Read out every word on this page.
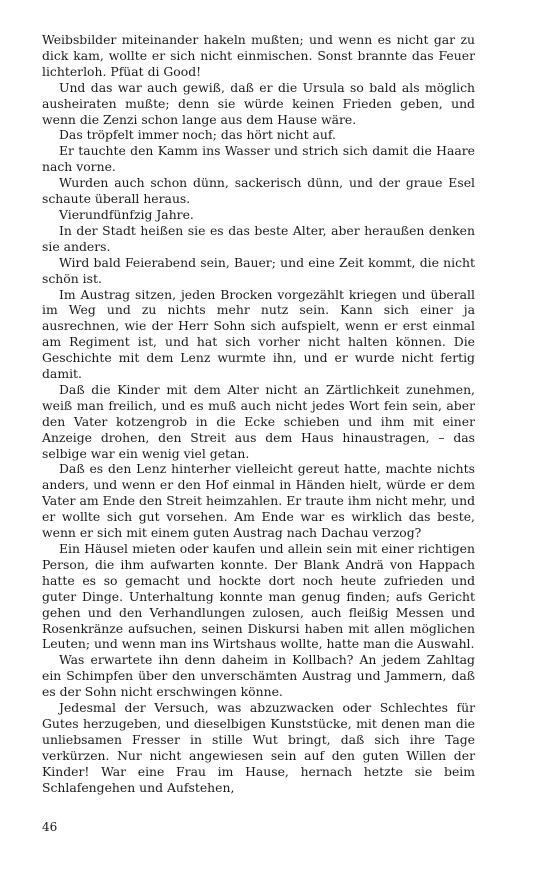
Weibsbilder miteinander hakeln mußten; und wenn es nicht gar zu dick kam, wollte er sich nicht einmischen. Sonst brannte das Feuer lichterloh. Pfüat di Good!

Und das war auch gewiß, daß er die Ursula so bald als möglich ausheiraten mußte; denn sie würde keinen Frieden geben, und wenn die Zenzi schon lange aus dem Hause wäre.

Das tröpfelt immer noch; das hört nicht auf.

Er tauchte den Kamm ins Wasser und strich sich damit die Haare nach vorne.

Wurden auch schon dünn, sackerisch dünn, und der graue Esel schaute überall heraus.

Vierundfünfzig Jahre.

In der Stadt heißen sie es das beste Alter, aber heraußen denken sie anders.

Wird bald Feierabend sein, Bauer; und eine Zeit kommt, die nicht schön ist.

Im Austrag sitzen, jeden Brocken vorgezählt kriegen und überall im Weg und zu nichts mehr nutz sein. Kann sich einer ja ausrechnen, wie der Herr Sohn sich aufspielt, wenn er erst einmal am Regiment ist, und hat sich vorher nicht halten können. Die Geschichte mit dem Lenz wurmte ihn, und er wurde nicht fertig damit.

Daß die Kinder mit dem Alter nicht an Zärtlichkeit zunehmen, weiß man freilich, und es muß auch nicht jedes Wort fein sein, aber den Vater kotzengrob in die Ecke schieben und ihm mit einer Anzeige drohen, den Streit aus dem Haus hinaustragen, – das selbige war ein wenig viel getan.

Daß es den Lenz hinterher vielleicht gereut hatte, machte nichts anders, und wenn er den Hof einmal in Händen hielt, würde er dem Vater am Ende den Streit heimzahlen. Er traute ihm nicht mehr, und er wollte sich gut vorsehen. Am Ende war es wirklich das beste, wenn er sich mit einem guten Austrag nach Dachau verzog?

Ein Häusel mieten oder kaufen und allein sein mit einer richtigen Person, die ihm aufwarten konnte. Der Blank Andrä von Happach hatte es so gemacht und hockte dort noch heute zufrieden und guter Dinge. Unterhaltung konnte man genug finden; aufs Gericht gehen und den Verhandlungen zulosen, auch fleißig Messen und Rosenkränze aufsuchen, seinen Diskursi haben mit allen möglichen Leuten; und wenn man ins Wirtshaus wollte, hatte man die Auswahl.

Was erwartete ihn denn daheim in Kollbach? An jedem Zahltag ein Schimpfen über den unverschämten Austrag und Jammern, daß es der Sohn nicht erschwingen könne.

Jedesmal der Versuch, was abzuzwacken oder Schlechtes für Gutes herzugeben, und dieselbigen Kunststücke, mit denen man die unliebsamen Fresser in stille Wut bringt, daß sich ihre Tage verkürzen. Nur nicht angewiesen sein auf den guten Willen der Kinder! War eine Frau im Hause, hernach hetzte sie beim Schlafengehen und Aufstehen,

46
